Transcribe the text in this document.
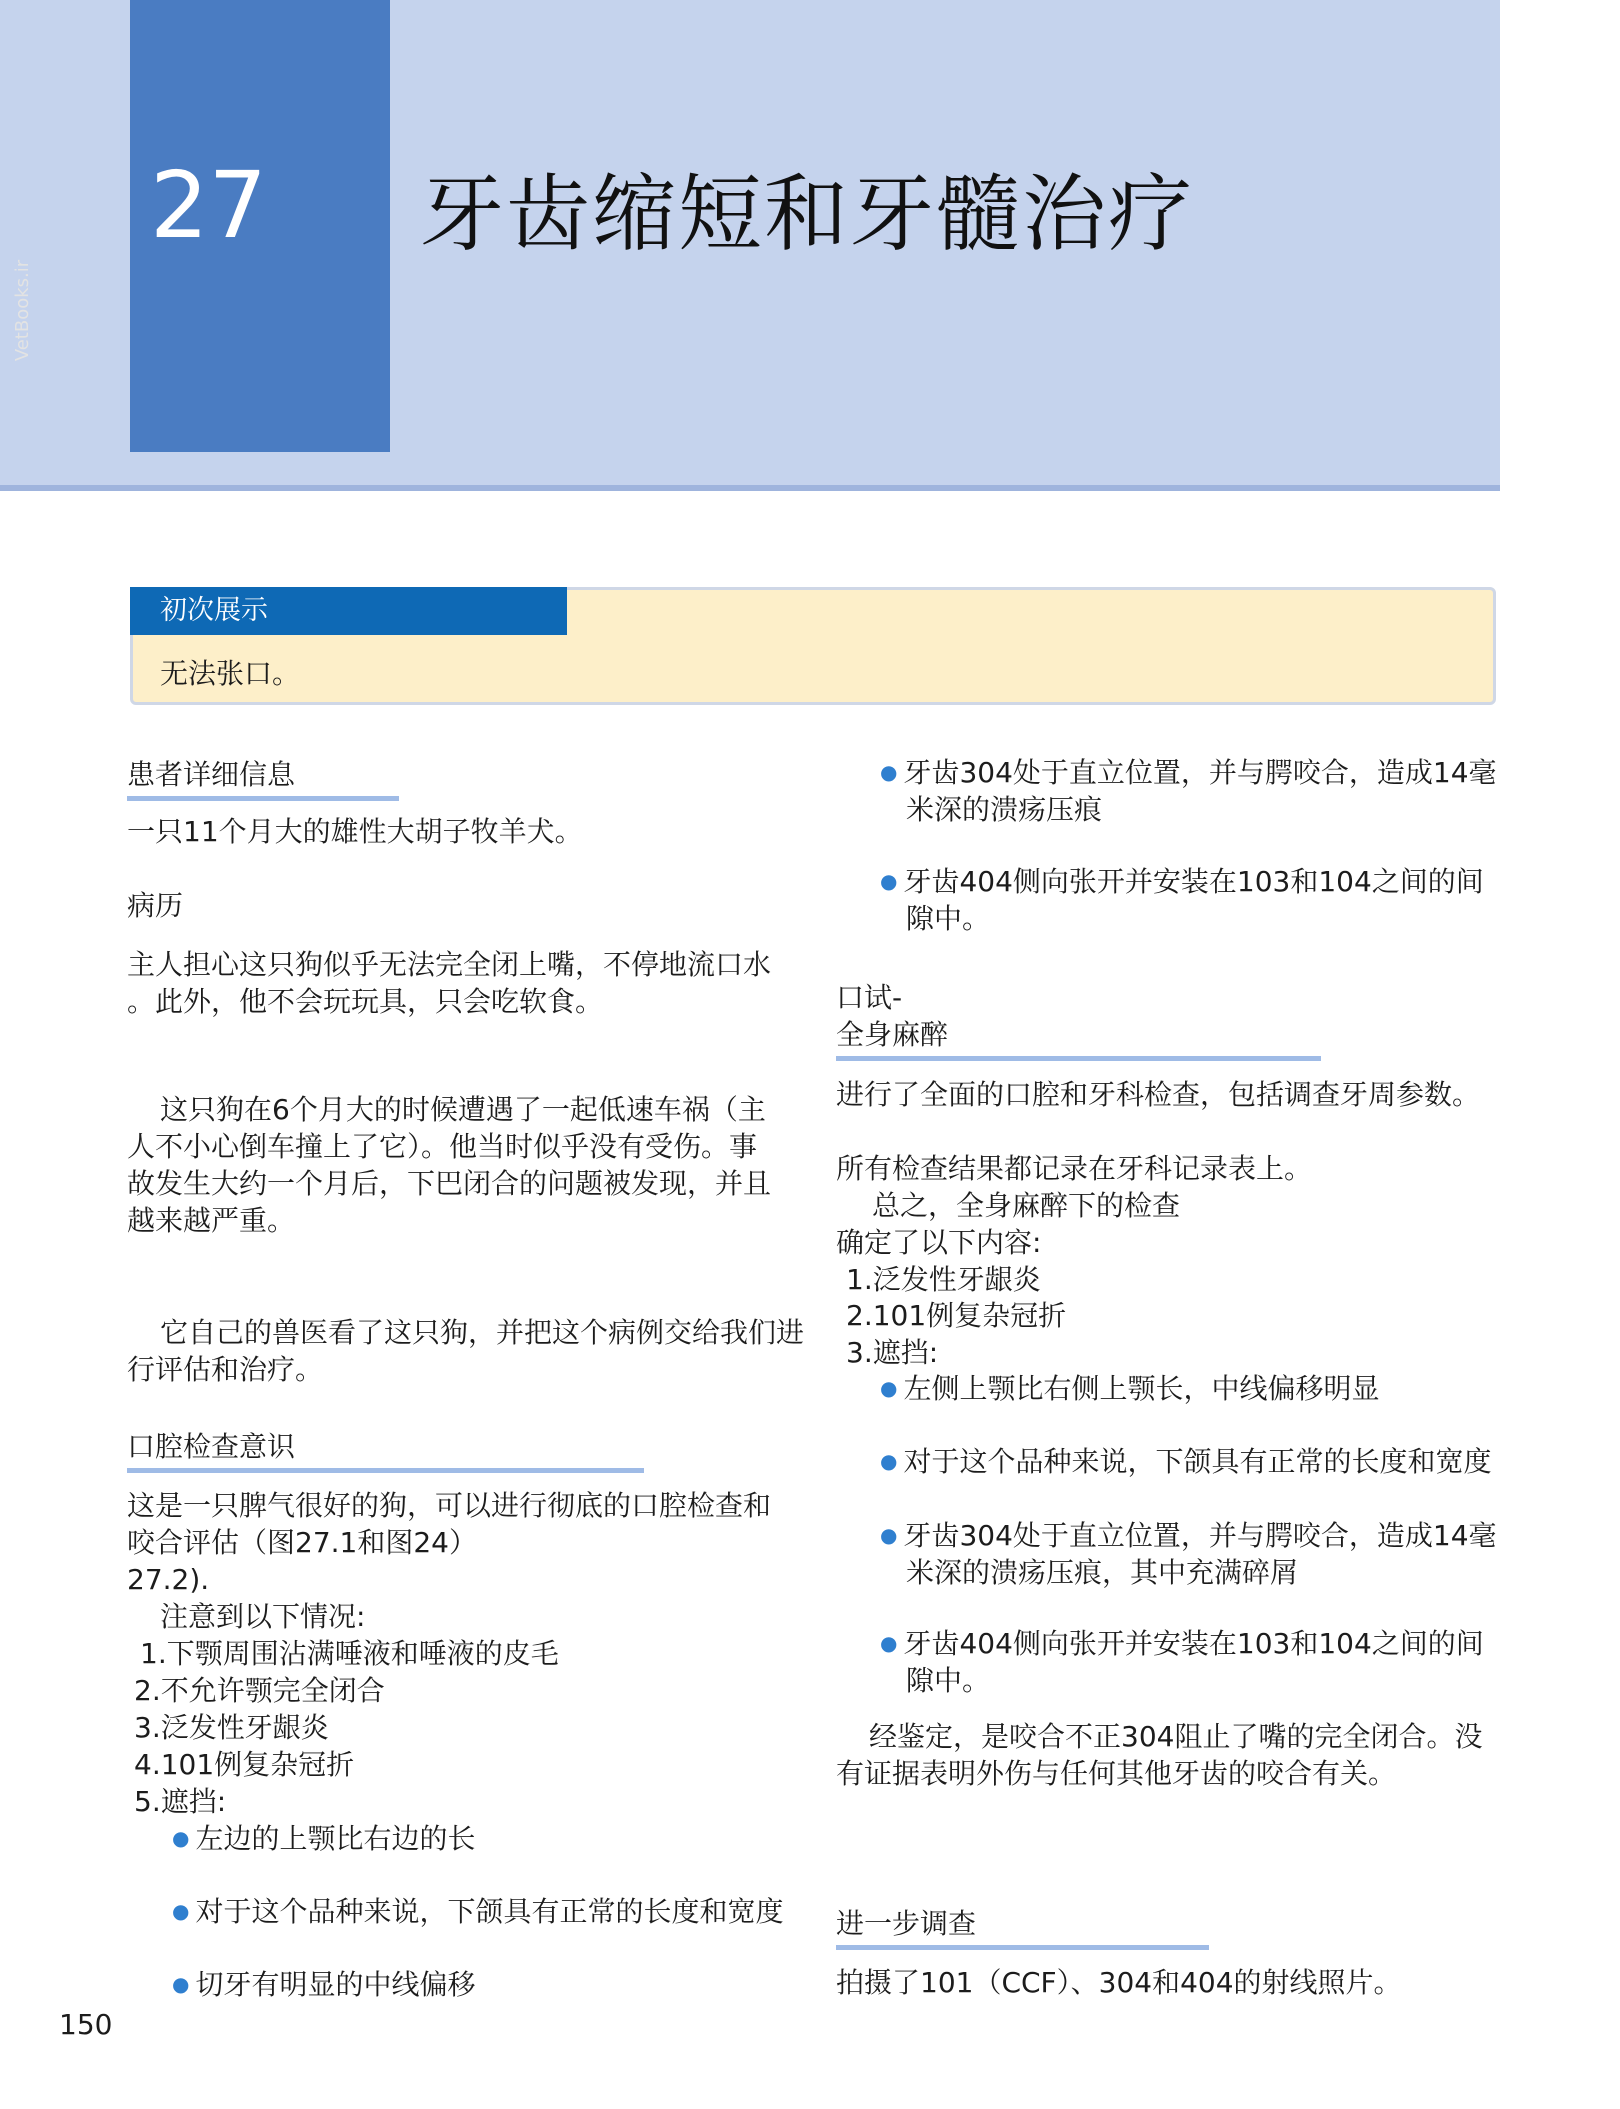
27 牙齿缩短和牙髓治疗
VetBooks.ir
初次展示
无法张口。
患者详细信息
一只11个月大的雄性大胡子牧羊犬。
病历
主人担心这只狗似乎无法完全闭上嘴，不停地流口水
。此外，他不会玩玩具，只会吃软食。
这只狗在6个月大的时候遭遇了一起低速车祸（主
人不小心倒车撞上了它）。他当时似乎没有受伤。事
故发生大约一个月后，下巴闭合的问题被发现，并且
越来越严重。
它自己的兽医看了这只狗，并把这个病例交给我们进
行评估和治疗。
口腔检查意识
这是一只脾气很好的狗，可以进行彻底的口腔检查和
咬合评估（图27.1和图24）
27.2).
注意到以下情况:
1.下颚周围沾满唾液和唾液的皮毛
2.不允许颚完全闭合
3.泛发性牙龈炎
4.101例复杂冠折
5.遮挡:
● 左边的上颚比右边的长
● 对于这个品种来说，下颌具有正常的长度和宽度
● 切牙有明显的中线偏移
● 牙齿304处于直立位置，并与腭咬合，造成14毫
米深的溃疡压痕
● 牙齿404侧向张开并安装在103和104之间的间
隙中。
口试-
全身麻醉
进行了全面的口腔和牙科检查，包括调查牙周参数。
所有检查结果都记录在牙科记录表上。
总之，全身麻醉下的检查
确定了以下内容:
1.泛发性牙龈炎
2.101例复杂冠折
3.遮挡:
● 左侧上颚比右侧上颚长，中线偏移明显
● 对于这个品种来说，下颌具有正常的长度和宽度
● 牙齿304处于直立位置，并与腭咬合，造成14毫
米深的溃疡压痕，其中充满碎屑
● 牙齿404侧向张开并安装在103和104之间的间
隙中。
经鉴定，是咬合不正304阻止了嘴的完全闭合。没
有证据表明外伤与任何其他牙齿的咬合有关。
进一步调查
拍摄了101（CCF）、304和404的射线照片。
150
